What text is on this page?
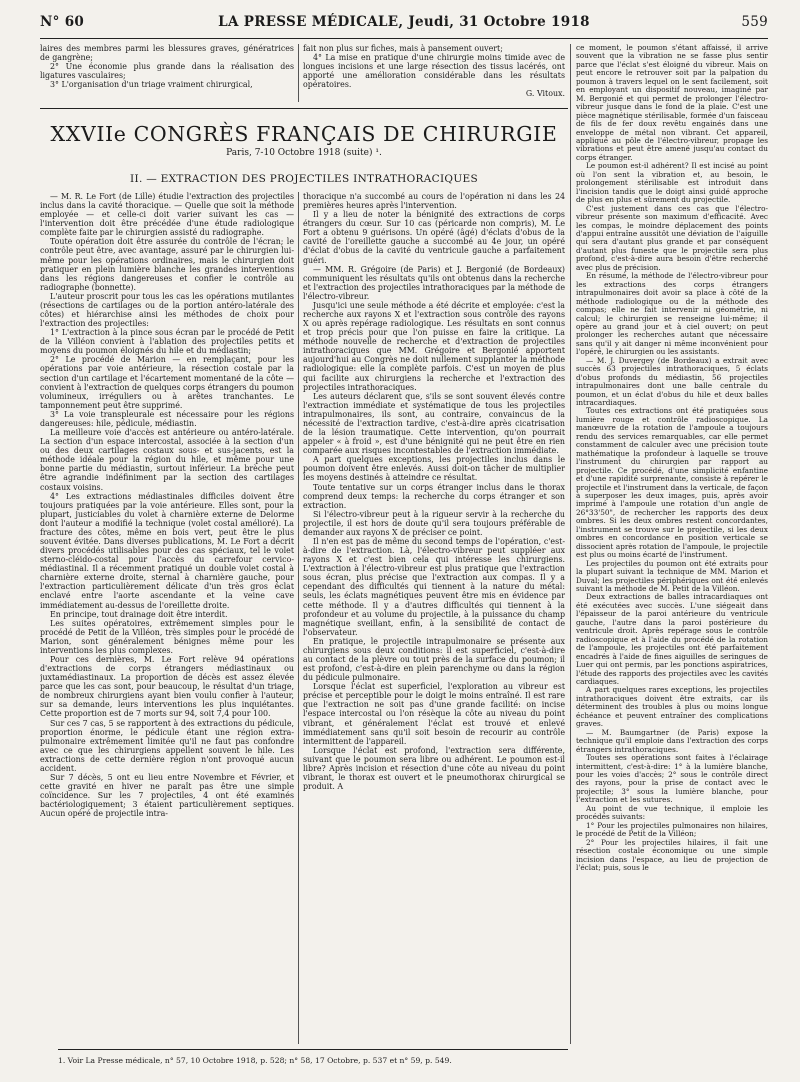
N° 60	LA PRESSE MÉDICALE, Jeudi, 31 Octobre 1918	559

laires des membres parmi les blessures graves, génératrices de gangrène;

2° Une économie plus grande dans la réalisation des ligatures vasculaires;

3° L'organisation d'un triage vraiment chirurgical,

fait non plus sur fiches, mais à pansement ouvert;

4° La mise en pratique d'une chirurgie moins timide avec de longues incisions et une large résection des tissus lacérés, ont apporté une amélioration considérable dans les résultats opératoires.

G. Vitoux.

XXVIIe CONGRÈS FRANÇAIS DE CHIRURGIE
Paris, 7-10 Octobre 1918 (suite) ¹.
II. — EXTRACTION DES PROJECTILES INTRATHORACIQUES

— M. R. Le Fort (de Lille) étudie l'extraction des projectiles inclus dans la cavité thoracique. — Quelle que soit la méthode employée — et celle-ci doit varier suivant les cas — l'intervention doit être précédée d'une étude radiologique complète faite par le chirurgien assisté du radiographe.

Toute opération doit être assurée du contrôle de l'écran; le contrôle peut être, avec avantage, assuré par le chirurgien lui-même pour les opérations ordinaires, mais le chirurgien doit pratiquer en plein lumière blanche les grandes interventions dans les régions dangereuses et confier le contrôle au radiographe (bonnette).

L'auteur proscrit pour tous les cas les opérations mutilantes (résections de cartilages ou de la portion antéro-latérale des côtes) et hiérarchise ainsi les méthodes de choix pour l'extraction des projectiles:

1° L'extraction à la pince sous écran par le procédé de Petit de la Villéon convient à l'ablation des projectiles petits et moyens du poumon éloignés du hile et du médiastin;

2° Le procédé de Marion — en remplaçant, pour les opérations par voie antérieure, la résection costale par la section d'un cartilage et l'écartement momentané de la côte — convient à l'extraction de quelques corps étrangers du poumon volumineux, irréguliers ou à arêtes tranchantes. Le tamponnement peut être supprimé.

3° La voie transpleurale est nécessaire pour les régions dangereuses: hile, pédicule, médiastin.

La meilleure voie d'accès est antérieure ou antéro-latérale. La section d'un espace intercostal, associée à la section d'un ou des deux cartilages costaux sous- et sus-jacents, est la méthode idéale pour la région du hile, et même pour une bonne partie du médiastin, surtout inférieur. La brèche peut être agrandie indéfiniment par la section des cartilages costaux voisins.

4° Les extractions médiastinales difficiles doivent être toujours pratiquées par la voie antérieure. Elles sont, pour la plupart, justiciables du volet à charnière externe de Delorme dont l'auteur a modifié la technique (volet costal amélioré). La fracture des côtes, même en bois vert, peut être le plus souvent évitée. Dans diverses publications, M. Le Fort a décrit divers procédés utilisables pour des cas spéciaux, tel le volet sterno-cléido-costal pour l'accès du carrefour cervico-médiastinal. Il a récemment pratiqué un double volet costal à charnière externe droite, sternal à charnière gauche, pour l'extraction particulièrement délicate d'un très gros éclat enclavé entre l'aorte ascendante et la veine cave immédiatement au-dessus de l'oreillette droite.

En principe, tout drainage doit être interdit.

Les suites opératoires, extrêmement simples pour le procédé de Petit de la Villéon, très simples pour le procédé de Marion, sont généralement bénignes même pour les interventions les plus complexes.

Pour ces dernières, M. Le Fort relève 94 opérations d'extractions de corps étrangers médiastinaux ou juxtamédiastinaux. La proportion de décès est assez élevée parce que les cas sont, pour beaucoup, le résultat d'un triage, de nombreux chirurgiens ayant bien voulu confier à l'auteur, sur sa demande, leurs interventions les plus inquiétantes. Cette proportion est de 7 morts sur 94, soit 7,4 pour 100.

Sur ces 7 cas, 5 se rapportent à des extractions du pédicule, proportion énorme, le pédicule étant une région extra-pulmonaire extrêmement limitée qu'il ne faut pas confondre avec ce que les chirurgiens appellent souvent le hile. Les extractions de cette dernière région n'ont provoqué aucun accident.

Sur 7 décès, 5 ont eu lieu entre Novembre et Février, et cette gravité en hiver ne paraît pas être une simple coïncidence. Sur les 7 projectiles, 4 ont été examinés bactériologiquement; 3 étaient particulièrement septiques. Aucun opéré de projectile intra-

thoracique n'a succombé au cours de l'opération ni dans les 24 premières heures après l'intervention.

Il y a lieu de noter la bénignité des extractions de corps étrangers du cœur. Sur 10 cas (péricarde non compris), M. Le Fort a obtenu 9 guérisons. Un opéré (âgé) d'éclats d'obus de la cavité de l'oreillette gauche a succombé au 4e jour, un opéré d'éclat d'obus de la cavité du ventricule gauche a parfaitement guéri.

— MM. R. Grégoire (de Paris) et J. Bergonié (de Bordeaux) communiquent les résultats qu'ils ont obtenus dans la recherche et l'extraction des projectiles intrathoraciques par la méthode de l'électro-vibreur.

Jusqu'ici une seule méthode a été décrite et employée: c'est la recherche aux rayons X et l'extraction sous contrôle des rayons X ou après repérage radiologique. Les résultats en sont connus et trop précis pour que l'on puisse en faire la critique. La méthode nouvelle de recherche et d'extraction de projectiles intrathoraciques que MM. Grégoire et Bergonié apportent aujourd'hui au Congrès ne doit nullement supplanter la méthode radiologique: elle la complète parfois. C'est un moyen de plus qui facilite aux chirurgiens la recherche et l'extraction des projectiles intrathoraciques.

Les auteurs déclarent que, s'ils se sont souvent élevés contre l'extraction immédiate et systématique de tous les projectiles intrapulmonaires, ils sont, au contraire, convaincus de la nécessité de l'extraction tardive, c'est-à-dire après cicatrisation de la lésion traumatique. Cette intervention, qu'on pourrait appeler « à froid », est d'une bénignité qui ne peut être en rien comparée aux risques incontestables de l'extraction immédiate.

A part quelques exceptions, les projectiles inclus dans le poumon doivent être enlevés. Aussi doit-on tâcher de multiplier les moyens destinés à atteindre ce résultat.

Toute tentative sur un corps étranger inclus dans le thorax comprend deux temps: la recherche du corps étranger et son extraction.

Si l'électro-vibreur peut à la rigueur servir à la recherche du projectile, il est hors de doute qu'il sera toujours préférable de demander aux rayons X de préciser ce point.

Il n'en est pas de même du second temps de l'opération, c'est-à-dire de l'extraction. Là, l'électro-vibreur peut suppléer aux rayons X et c'est bien cela qui intéresse les chirurgiens. L'extraction à l'électro-vibreur est plus pratique que l'extraction sous écran, plus précise que l'extraction aux compas. Il y a cependant des difficultés qui tiennent à la nature du métal: seuls, les éclats magnétiques peuvent être mis en évidence par cette méthode. Il y a d'autres difficultés qui tiennent à la profondeur et au volume du projectile, à la puissance du champ magnétique sveillant, enfin, à la sensibilité de contact de l'observateur.

En pratique, le projectile intrapulmonaire se présente aux chirurgiens sous deux conditions: il est superficiel, c'est-à-dire au contact de la plèvre ou tout près de la surface du poumon; il est profond, c'est-à-dire en plein parenchyme ou dans la région du pédicule pulmonaire.

Lorsque l'éclat est superficiel, l'exploration au vibreur est précise et perceptible pour le doigt le moins entraîné. Il est rare que l'extraction ne soit pas d'une grande facilité: on incise l'espace intercostal ou l'on résèque la côte au niveau du point vibrant, et généralement l'éclat est trouvé et enlevé immédiatement sans qu'il soit besoin de recourir au contrôle intermittent de l'appareil.

Lorsque l'éclat est profond, l'extraction sera différente, suivant que le poumon sera libre ou adhérent. Le poumon est-il libre? Après incision et résection d'une côte au niveau du point vibrant, le thorax est ouvert et le pneumothorax chirurgical se produit. A

ce moment, le poumon s'étant affaissé, il arrive souvent que la vibration ne se fasse plus sentir parce que l'éclat s'est éloigné du vibreur. Mais on peut encore le retrouver soit par la palpation du poumon à travers lequel on le sent facilement, soit en employant un dispositif nouveau, imaginé par M. Bergonié et qui permet de prolonger l'électro-vibreur jusque dans le fond de la plaie. C'est une pièce magnétique stérilisable, formée d'un faisceau de fils de fer doux revêtu engainés dans une enveloppe de métal non vibrant. Cet appareil, appliqué au pôle de l'électro-vibreur, propage les vibrations et peut être amené jusqu'au contact du corps étranger.

Le poumon est-il adhérent? Il est incisé au point où l'on sent la vibration et, au besoin, le prolongement stérilisable est introduit dans l'incision tandis que le doigt ainsi guidé approche de plus en plus et sûrement du projectile.

C'est justement dans ces cas que l'électro-vibreur présente son maximum d'efficacité. Avec les compas, le moindre déplacement des points d'appui entraîne aussitôt une déviation de l'aiguille qui sera d'autant plus grande et par conséquent d'autant plus funeste que le projectile sera plus profond, c'est-à-dire aura besoin d'être recherché avec plus de précision.

En résumé, la méthode de l'électro-vibreur pour les extractions des corps étrangers intrapulmonaires doit avoir sa place à côté de la méthode radiologique ou de la méthode des compas; elle ne fait intervenir ni géométrie, ni calcul; le chirurgien se renseigne lui-même; il opère au grand jour et à ciel ouvert; on peut prolonger les recherches autant que nécessaire sans qu'il y ait danger ni même inconvénient pour l'opéré, le chirurgien ou les assistants.

— M. J. Duvergey (de Bordeaux) a extrait avec succès 63 projectiles intrathoraciques, 5 éclats d'obus profonds du médiastin, 56 projectiles intrapulmonaires dont une balle centrale du poumon, et un éclat d'obus du hile et deux balles intracardiaques.

Toutes ces extractions ont été pratiquées sous lumière rouge et contrôle radioscopique. La manœuvre de la rotation de l'ampoule a toujours rendu des services remarquables, car elle permet constamment de calculer avec une précision toute mathématique la profondeur à laquelle se trouve l'instrument du chirurgien par rapport au projectile. Ce procédé, d'une simplicité enfantine et d'une rapidité surprenante, consiste à repérer le projectile et l'instrument dans la verticale, de façon à superposer les deux images, puis, après avoir imprimé à l'ampoule une rotation d'un angle de 26°33'50", de rechercher les rapports des deux ombres. Si les deux ombres restent concordantes, l'instrument se trouve sur le projectile, si les deux ombres en concordance en position verticale se dissocient après rotation de l'ampoule, le projectile est plus ou moins écarté de l'instrument.

Les projectiles du poumon ont été extraits pour la plupart suivant la technique de MM. Marion et Duval; les projectiles périphériques ont été enlevés suivant la méthode de M. Petit de la Villéon.

Deux extractions de balles intracardiaques ont été exécutées avec succès. L'une siégeait dans l'épaisseur de la paroi antérieure du ventricule gauche, l'autre dans la paroi postérieure du ventricule droit. Après repérage sous le contrôle radioscopique et à l'aide du procédé de la rotation de l'ampoule, les projectiles ont été parfaitement encadrés à l'aide de fines aiguilles de seringues de Luer qui ont permis, par les ponctions aspiratrices, l'étude des rapports des projectiles avec les cavités cardiaques.

A part quelques rares exceptions, les projectiles intrathoraciques doivent être extraits, car ils déterminent des troubles à plus ou moins longue échéance et peuvent entraîner des complications graves.

— M. Baumgartner (de Paris) expose la technique qu'il emploie dans l'extraction des corps étrangers intrathoraciques.

Toutes ses opérations sont faites à l'éclairage intermittent, c'est-à-dire: 1° à la lumière blanche, pour les voies d'accès; 2° sous le contrôle direct des rayons, pour la prise de contact avec le projectile; 3° sous la lumière blanche, pour l'extraction et les sutures.

Au point de vue technique, il emploie les procédés suivants:

1° Pour les projectiles pulmonaires non hilaires, le procédé de Petit de la Villéon;

2° Pour les projectiles hilaires, il fait une résection costale économique ou une simple incision dans l'espace, au lieu de projection de l'éclat; puis, sous le

1. Voir La Presse médicale, n° 57, 10 Octobre 1918, p. 528; n° 58, 17 Octobre, p. 537 et n° 59, p. 549.
